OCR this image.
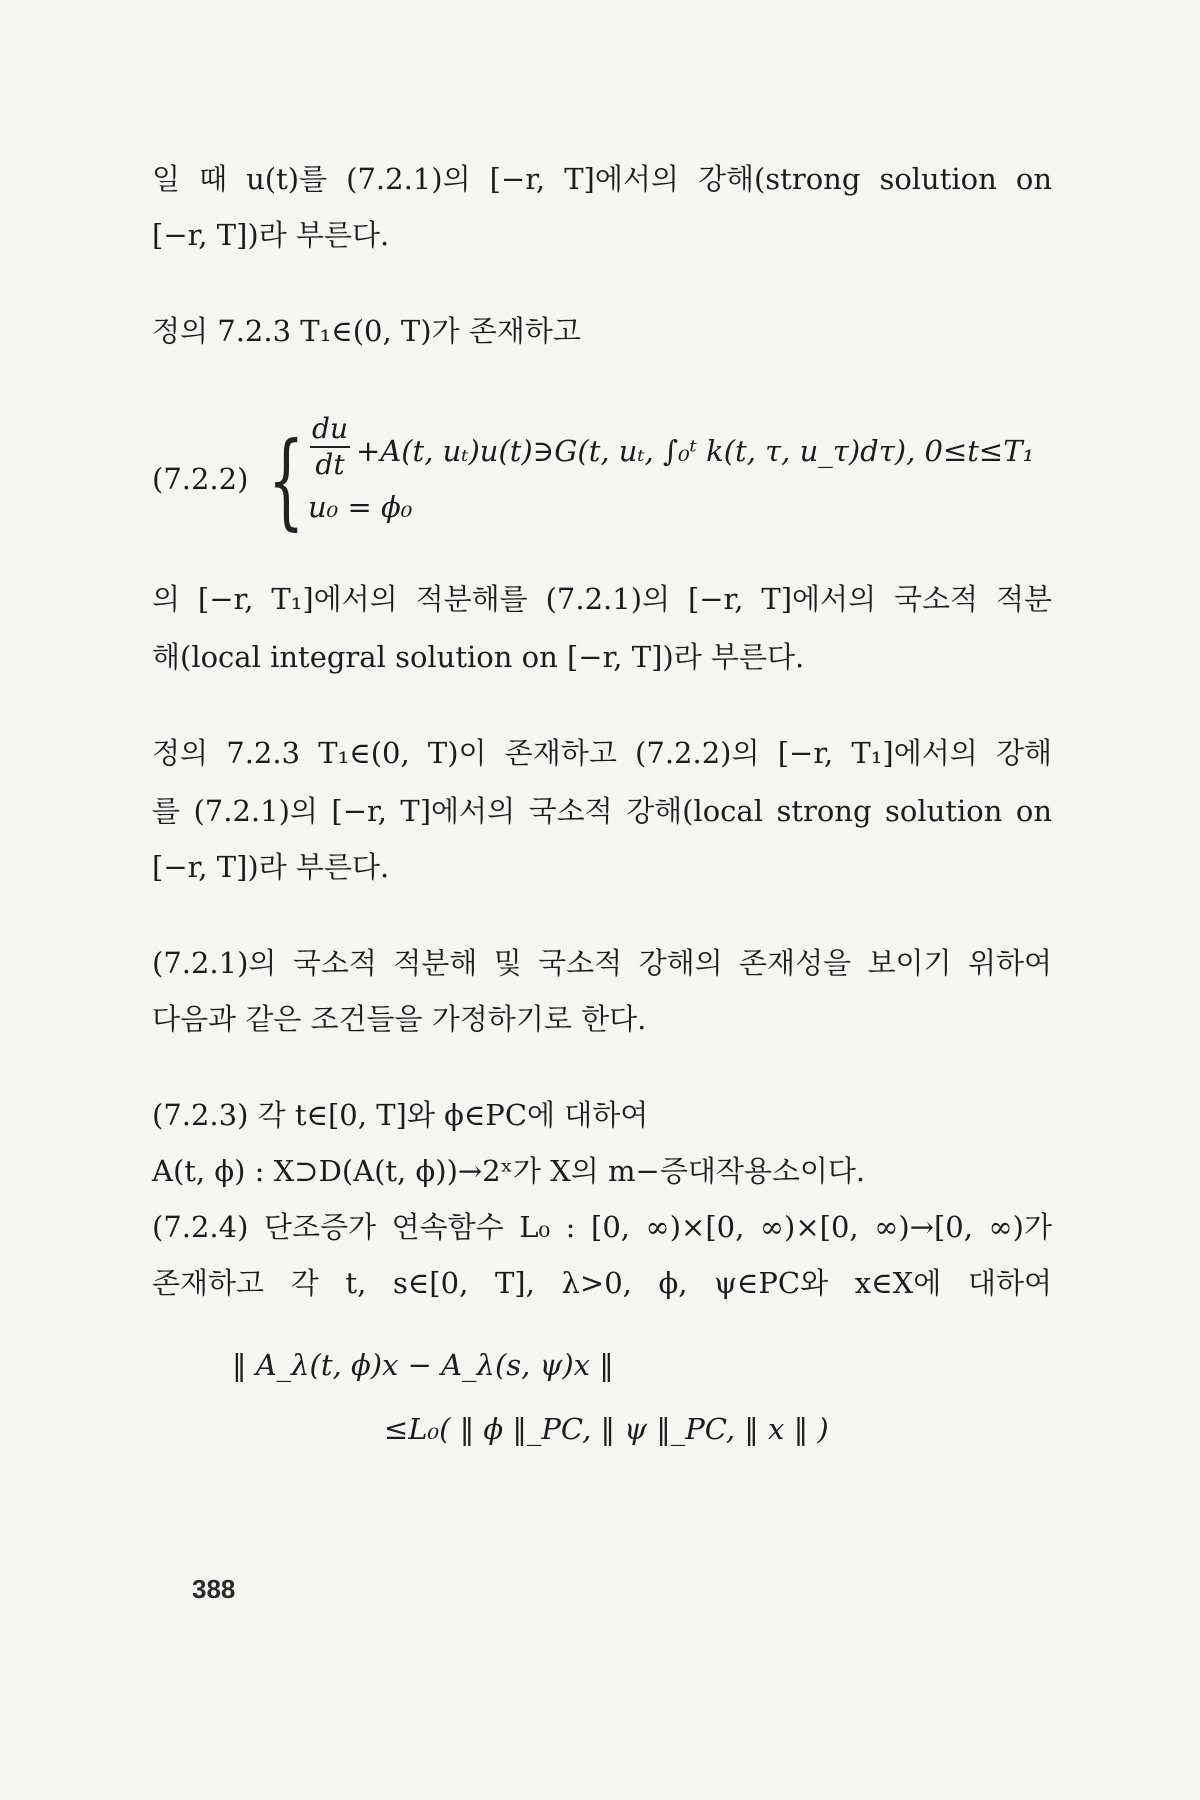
일 때 u(t)를 (7.2.1)의 [−r, T]에서의 강해(strong solution on
[−r, T])라 부른다.
정의 7.2.3 T₁∈(0, T)가 존재하고
(7.2.2) { du
dt +A(t, uₜ)u(t)∋G(t, uₜ, ∫₀ᵗ k(t, τ, u_τ)dτ), 0≤t≤T₁
u₀ = ϕ₀
의 [−r, T₁]에서의 적분해를 (7.2.1)의 [−r, T]에서의 국소적 적분
해(local integral solution on [−r, T])라 부른다.
정의 7.2.3 T₁∈(0, T)이 존재하고 (7.2.2)의 [−r, T₁]에서의 강해
를 (7.2.1)의 [−r, T]에서의 국소적 강해(local strong solution on
[−r, T])라 부른다.
(7.2.1)의 국소적 적분해 및 국소적 강해의 존재성을 보이기 위하여
다음과 같은 조건들을 가정하기로 한다.
(7.2.3) 각 t∈[0, T]와 ϕ∈PC에 대하여
A(t, ϕ) : X⊃D(A(t, ϕ))→2ˣ가 X의 m−증대작용소이다.
(7.2.4) 단조증가 연속함수 L₀ : [0, ∞)×[0, ∞)×[0, ∞)→[0, ∞)가
존재하고 각 t, s∈[0, T], λ>0, ϕ, ψ∈PC와 x∈X에 대하여
‖ A_λ(t, ϕ)x − A_λ(s, ψ)x ‖
≤L₀( ‖ ϕ ‖_PC, ‖ ψ ‖_PC, ‖ x ‖ )
388
